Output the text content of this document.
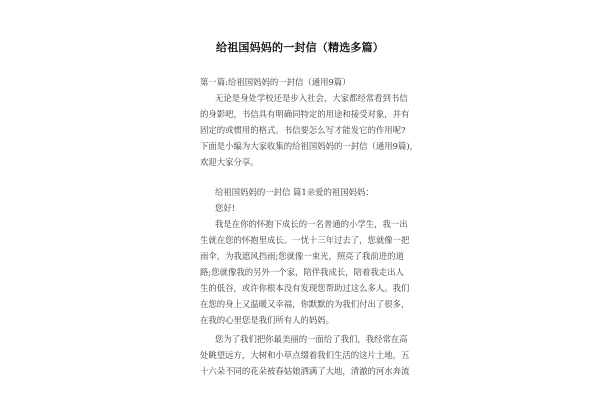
给祖国妈妈的一封信（精选多篇）
第一篇:给祖国妈妈的一封信（通用9篇）
无论是身处学校还是步入社会，大家都经常看到书信
的身影吧，书信具有明确同特定的用途和接受对象，并有
固定的或惯用的格式。书信要怎么写才能发它的作用呢?
下面是小编为大家收集的给祖国妈妈的一封信（通用9篇)，
欢迎大家分享。
给祖国妈妈的一封信 篇1亲爱的祖国妈妈：
您好!
我是在你的怀抱下成长的一名普通的小学生，我一出
生就在您的怀抱里成长。一忧十三年过去了，您就像一把
雨伞，为我遮风挡雨;您就像一束光，照亮了我前进的道
路;您就像我的另外一个家，陪伴我成长，陪着我走出人
生的低谷，或许你根本没有发现您帮助过这么多人。我们
在您的身上又温暖又幸福，你默默的为我们付出了很多，
在我的心里您是我们所有人的妈妈。
您为了我们把你最美丽的一面给了我们，我经常在高
处眺望远方，大树和小草点缀着我们生活的这片土地，五
十六朵不同的花朵被春姑娘洒满了大地，清澈的河水奔流
